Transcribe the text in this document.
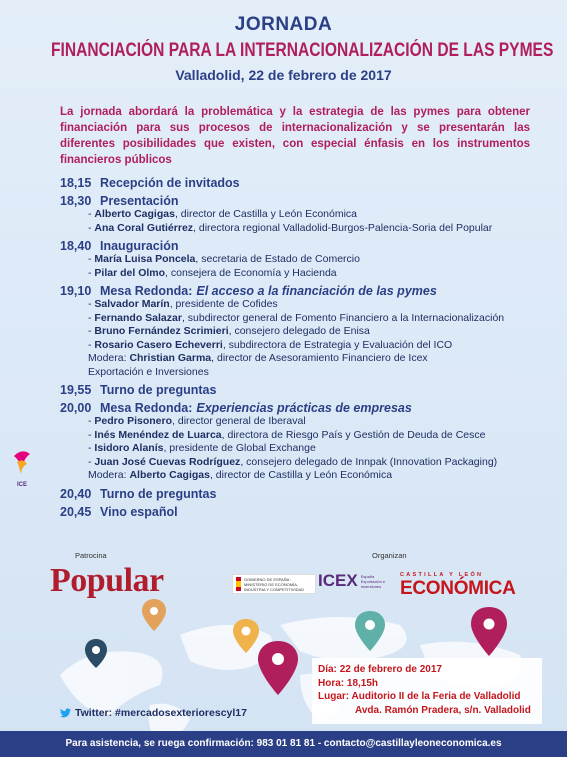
JORNADA
FINANCIACIÓN PARA LA INTERNACIONALIZACIÓN DE LAS PYMES
Valladolid, 22 de febrero de 2017
La jornada abordará la problemática y la estrategia de las pymes para obtener financiación para sus procesos de internacionalización y se presentarán las diferentes posibilidades que existen, con especial énfasis en los instrumentos financieros públicos
18,15 Recepción de invitados
18,30 Presentación
- Alberto Cagigas, director de Castilla y León Económica
- Ana Coral Gutiérrez, directora regional Valladolid-Burgos-Palencia-Soria del Popular
18,40 Inauguración
- María Luisa Poncela, secretaria de Estado de Comercio
- Pilar del Olmo, consejera de Economía y Hacienda
19,10 Mesa Redonda: El acceso a la financiación de las pymes
- Salvador Marín, presidente de Cofides
- Fernando Salazar, subdirector general de Fomento Financiero a la Internacionalización
- Bruno Fernández Scrimieri, consejero delegado de Enisa
- Rosario Casero Echeverri, subdirectora de Estrategia y Evaluación del ICO
Modera: Christian Garma, director de Asesoramiento Financiero de Icex
Exportación e Inversiones
19,55 Turno de preguntas
20,00 Mesa Redonda: Experiencias prácticas de empresas
- Pedro Pisonero, director general de Iberaval
- Inés Menéndez de Luarca, directora de Riesgo País y Gestión de Deuda de Cesce
- Isidoro Alanís, presidente de Global Exchange
- Juan José Cuevas Rodríguez, consejero delegado de Innpak (Innovation Packaging)
Modera: Alberto Cagigas, director de Castilla y León Económica
20,40 Turno de preguntas
20,45 Vino español
ICE
Patrocina	Organizan
Popular	GOBIERNO DE ESPAÑA · MINISTERIO DE ECONOMÍA, INDUSTRIA Y COMPETITIVIDAD ICEX España Exportación e Inversiones
CASTILLA Y LEÓN
ECONÓMICA
Día: 22 de febrero de 2017
Hora: 18,15h
Lugar: Auditorio II de la Feria de Valladolid
Avda. Ramón Pradera, s/n. Valladolid
Twitter: #mercadosexteriorescyl17
Para asistencia, se ruega confirmación: 983 01 81 81 - contacto@castillayleoneconomica.es
